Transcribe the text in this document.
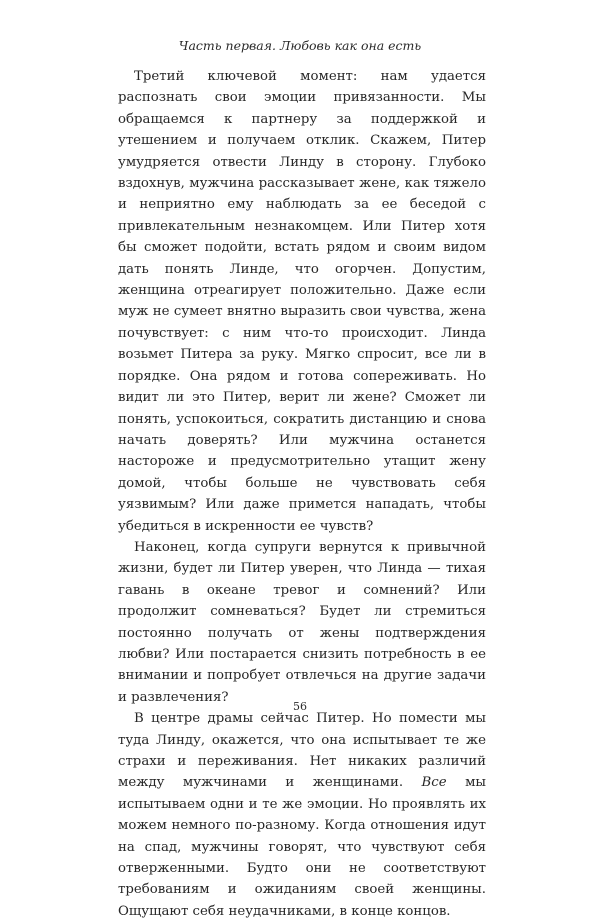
Часть первая. Любовь как она есть

Третий ключевой момент: нам удается распознать свои эмоции привязанности. Мы обращаемся к партнеру за поддержкой и утешением и получаем отклик. Скажем, Питер умудряется отвести Линду в сторону. Глубоко вздохнув, мужчина рассказывает жене, как тяжело и неприятно ему наблюдать за ее беседой с привлекательным незнакомцем. Или Питер хотя бы сможет подойти, встать рядом и своим видом дать понять Линде, что огорчен. Допустим, женщина отреагирует положительно. Даже если муж не сумеет внятно выразить свои чувства, жена почувствует: с ним что-то происходит. Линда возьмет Питера за руку. Мягко спросит, все ли в порядке. Она рядом и готова сопереживать. Но видит ли это Питер, верит ли жене? Сможет ли понять, успокоиться, сократить дистанцию и снова начать доверять? Или мужчина останется настороже и предусмотрительно утащит жену домой, чтобы больше не чувствовать себя уязвимым? Или даже примется нападать, чтобы убедиться в искренности ее чувств?

Наконец, когда супруги вернутся к привычной жизни, будет ли Питер уверен, что Линда — тихая гавань в океане тревог и сомнений? Или продолжит сомневаться? Будет ли стремиться постоянно получать от жены подтверждения любви? Или постарается снизить потребность в ее внимании и попробует отвлечься на другие задачи и развлечения?

В центре драмы сейчас Питер. Но помести мы туда Линду, окажется, что она испытывает те же страхи и переживания. Нет никаких различий между мужчинами и женщинами. Все мы испытываем одни и те же эмоции. Но проявлять их можем немного по-разному. Когда отношения идут на спад, мужчины говорят, что чувствуют себя отверженными. Будто они не соответствуют требованиям и ожиданиям своей женщины. Ощущают себя неудачниками, в конце концов.

56
